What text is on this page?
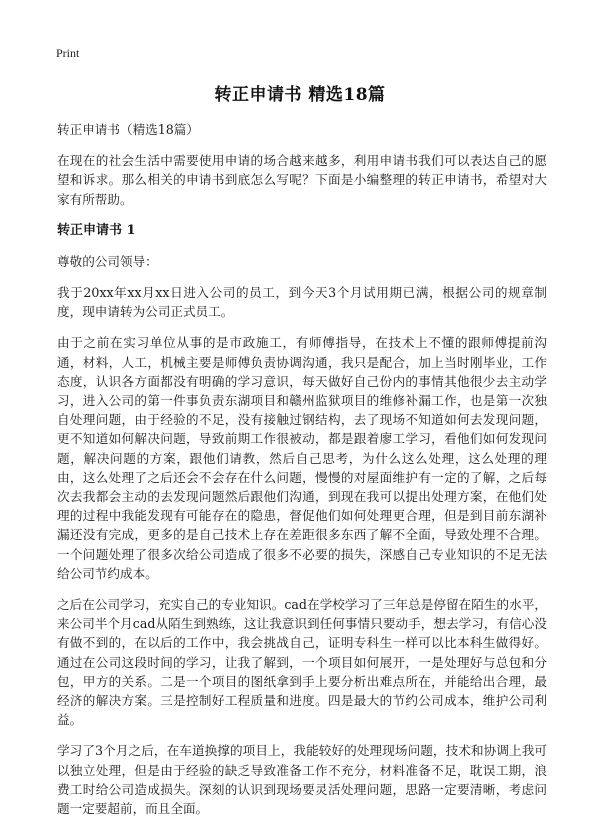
Print
转正申请书 精选18篇

转正申请书（精选18篇）

在现在的社会生活中需要使用申请的场合越来越多，利用申请书我们可以表达自己的愿望和诉求。那么相关的申请书到底怎么写呢？下面是小编整理的转正申请书，希望对大家有所帮助。

转正申请书 1

尊敬的公司领导：

我于20xx年xx月xx日进入公司的员工，到今天3个月试用期已满，根据公司的规章制度，现申请转为公司正式员工。

由于之前在实习单位从事的是市政施工，有师傅指导，在技术上不懂的跟师傅提前沟通，材料，人工，机械主要是师傅负责协调沟通，我只是配合，加上当时刚毕业，工作态度，认识各方面都没有明确的学习意识，每天做好自己份内的事情其他很少去主动学习，进入公司的第一件事负责东湖项目和赣州监狱项目的维修补漏工作，也是第一次独自处理问题，由于经验的不足，没有接触过钢结构，去了现场不知道如何去发现问题，更不知道如何解决问题，导致前期工作很被动，都是跟着廖工学习，看他们如何发现问题，解决问题的方案，跟他们请教，然后自己思考，为什么这么处理，这么处理的理由，这么处理了之后还会不会存在什么问题，慢慢的对屋面维护有一定的了解，之后每次去我都会主动的去发现问题然后跟他们沟通，到现在我可以提出处理方案，在他们处理的过程中我能发现有可能存在的隐患，督促他们如何处理更合理，但是到目前东湖补漏还没有完成，更多的是自己技术上存在差距很多东西了解不全面，导致处理不合理。一个问题处理了很多次给公司造成了很多不必要的损失，深感自己专业知识的不足无法给公司节约成本。

之后在公司学习，充实自己的专业知识。cad在学校学习了三年总是停留在陌生的水平，来公司半个月cad从陌生到熟练，这让我意识到任何事情只要动手，想去学习，有信心没有做不到的，在以后的工作中，我会挑战自己，证明专科生一样可以比本科生做得好。通过在公司这段时间的学习，让我了解到，一个项目如何展开，一是处理好与总包和分包，甲方的关系。二是一个项目的图纸拿到手上要分析出难点所在，并能给出合理，最经济的解决方案。三是控制好工程质量和进度。四是最大的节约公司成本，维护公司利益。

学习了3个月之后，在车道换撑的项目上，我能较好的处理现场问题，技术和协调上我可以独立处理，但是由于经验的缺乏导致准备工作不充分，材料准备不足，耽误工期，浪费工时给公司造成损失。深刻的认识到现场要灵活处理问题，思路一定要清晰，考虑问题一定要超前，而且全面。
